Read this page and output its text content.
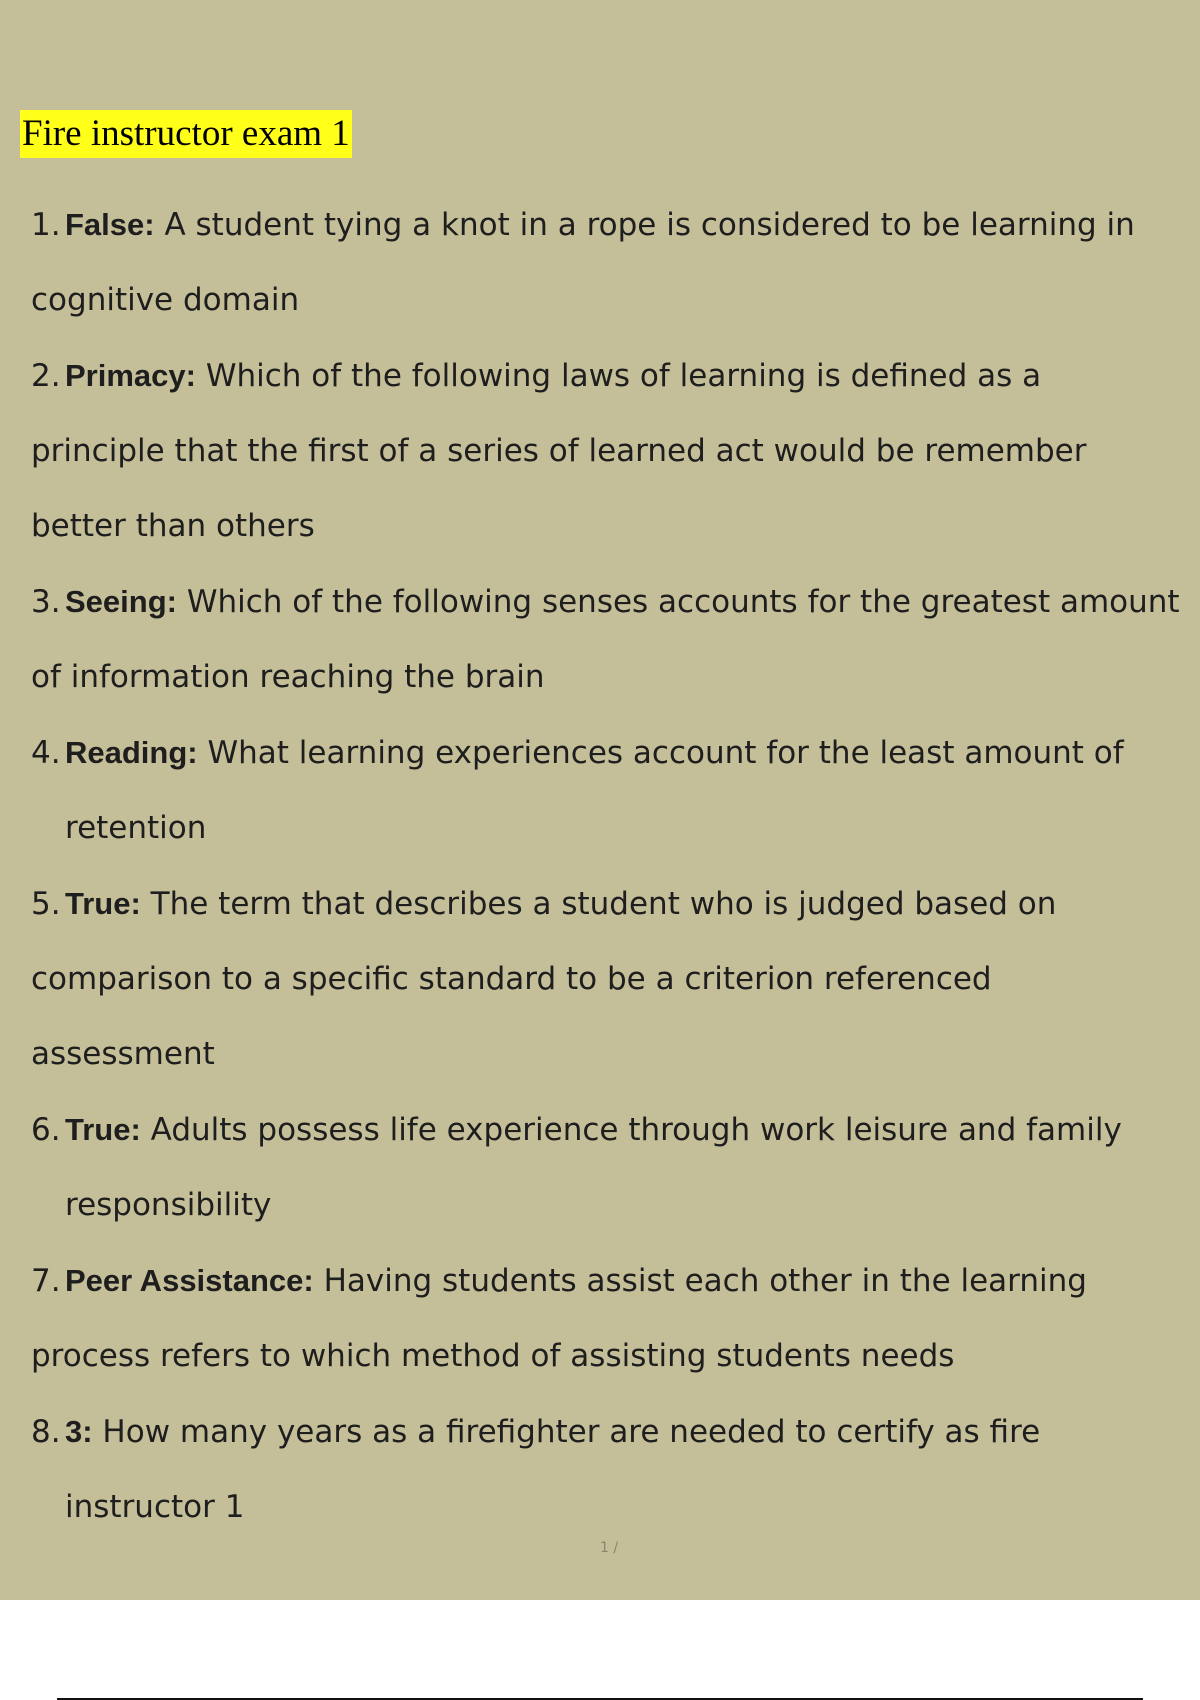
Fire instructor exam 1
1. False: A student tying a knot in a rope is considered to be learning in cognitive domain
2. Primacy: Which of the following laws of learning is defined as a principle that the first of a series of learned act would be remember better than others
3. Seeing: Which of the following senses accounts for the greatest amount of information reaching the brain
4. Reading: What learning experiences account for the least amount of retention
5. True: The term that describes a student who is judged based on comparison to a specific standard to be a criterion referenced assessment
6. True: Adults possess life experience through work leisure and family responsibility
7. Peer Assistance: Having students assist each other in the learning process refers to which method of assisting students needs
8. 3: How many years as a firefighter are needed to certify as fire instructor 1
1 /
